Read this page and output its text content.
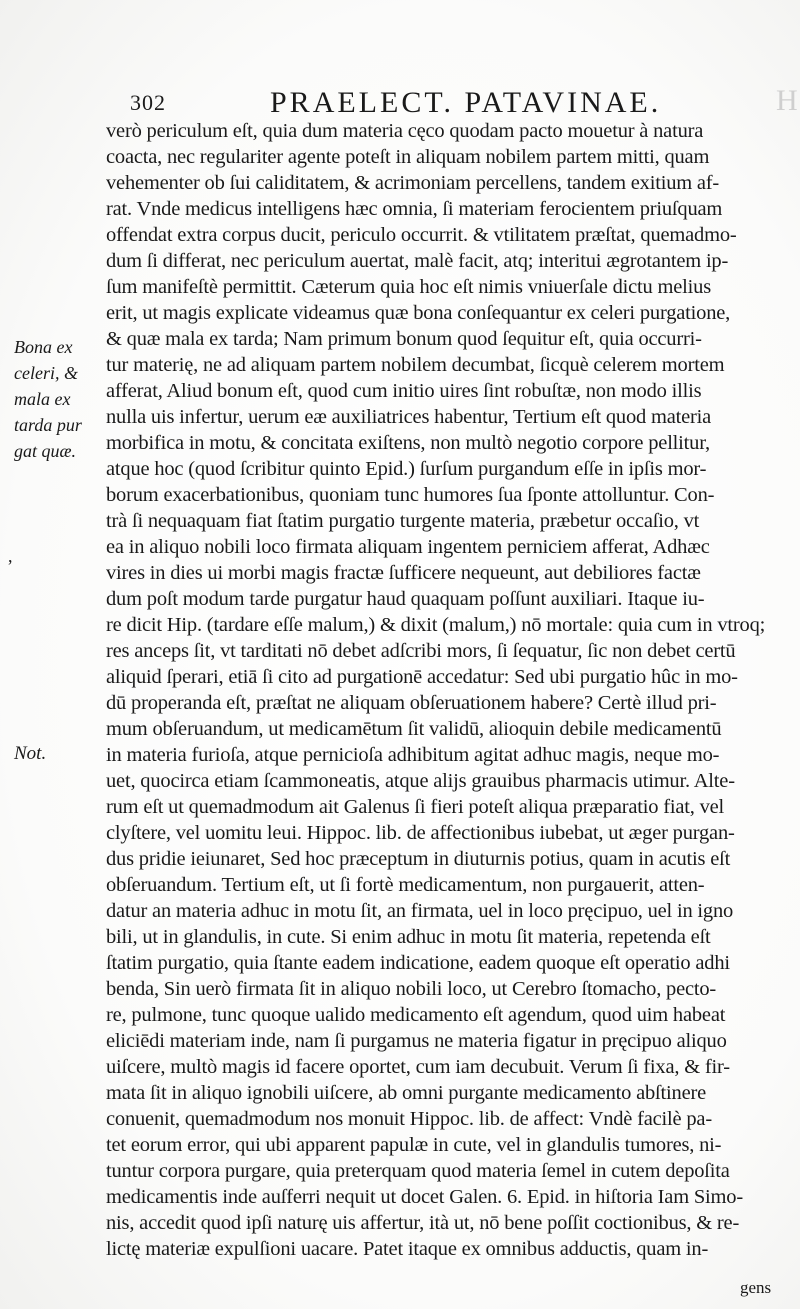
302	PRAELECT. PATAVINAE.	H
verò periculum eſt, quia dum materia cęco quodam pacto mouetur à natura
coacta, nec regulariter agente poteſt in aliquam nobilem partem mitti, quam
vehementer ob ſui caliditatem, & acrimoniam percellens, tandem exitium af-
rat. Vnde medicus intelligens hæc omnia, ſi materiam ferocientem priuſquam
offendat extra corpus ducit, periculo occurrit. & vtilitatem præſtat, quemadmo-
dum ſi differat, nec periculum auertat, malè facit, atq; interitui ægrotantem ip-
ſum manifeſtè permittit. Cæterum quia hoc eſt nimis vniuerſale dictu melius
erit, ut magis explicate videamus quæ bona conſequantur ex celeri purgatione,
& quæ mala ex tarda; Nam primum bonum quod ſequitur eſt, quia occurri-
tur materię, ne ad aliquam partem nobilem decumbat, ſicquè celerem mortem
afferat, Aliud bonum eſt, quod cum initio uires ſint robuſtæ, non modo illis
nulla uis infertur, uerum eæ auxiliatrices habentur, Tertium eſt quod materia
morbifica in motu, & concitata exiſtens, non multò negotio corpore pellitur,
atque hoc (quod ſcribitur quinto Epid.) ſurſum purgandum eſſe in ipſis mor-
borum exacerbationibus, quoniam tunc humores ſua ſponte attolluntur. Con-
trà ſi nequaquam fiat ſtatim purgatio turgente materia, præbetur occaſio, vt
ea in aliquo nobili loco firmata aliquam ingentem perniciem afferat, Adhæc
vires in dies ui morbi magis fractæ ſufficere nequeunt, aut debiliores factæ
dum poſt modum tarde purgatur haud quaquam poſſunt auxiliari. Itaque iu-
re dicit Hip. (tardare eſſe malum,) & dixit (malum,) nō mortale: quia cum in vtroq;
res anceps ſit, vt tarditati nō debet adſcribi mors, ſi ſequatur, ſic non debet certū
aliquid ſperari, etiā ſi cito ad purgationē accedatur: Sed ubi purgatio hûc in mo-
dū properanda eſt, præſtat ne aliquam obſeruationem habere? Certè illud pri-
mum obſeruandum, ut medicamētum ſit validū, alioquin debile medicamentū
in materia furioſa, atque pernicioſa adhibitum agitat adhuc magis, neque mo-
uet, quocirca etiam ſcammoneatis, atque alijs grauibus pharmacis utimur. Alte-
rum eſt ut quemadmodum ait Galenus ſi fieri poteſt aliqua præparatio fiat, vel
clyſtere, vel uomitu leui. Hippoc. lib. de affectionibus iubebat, ut æger purgan-
dus pridie ieiunaret, Sed hoc præceptum in diuturnis potius, quam in acutis eſt
obſeruandum. Tertium eſt, ut ſi fortè medicamentum, non purgauerit, atten-
datur an materia adhuc in motu ſit, an firmata, uel in loco pręcipuo, uel in igno
bili, ut in glandulis, in cute. Si enim adhuc in motu ſit materia, repetenda eſt
ſtatim purgatio, quia ſtante eadem indicatione, eadem quoque eſt operatio adhi
benda, Sin uerò firmata ſit in aliquo nobili loco, ut Cerebro ſtomacho, pecto-
re, pulmone, tunc quoque ualido medicamento eſt agendum, quod uim habeat
eliciēdi materiam inde, nam ſi purgamus ne materia figatur in pręcipuo aliquo
uiſcere, multò magis id facere oportet, cum iam decubuit. Verum ſi fixa, & fir-
mata ſit in aliquo ignobili uiſcere, ab omni purgante medicamento abſtinere
conuenit, quemadmodum nos monuit Hippoc. lib. de affect: Vndè facilè pa-
tet eorum error, qui ubi apparent papulæ in cute, vel in glandulis tumores, ni-
tuntur corpora purgare, quia preterquam quod materia ſemel in cutem depoſita
medicamentis inde auſferri nequit ut docet Galen. 6. Epid. in hiſtoria Iam Simo-
nis, accedit quod ipſi naturę uis affertur, ità ut, nō bene poſſit coctionibus, & re-
lictę materiæ expulſioni uacare. Patet itaque ex omnibus adductis, quam in-
Bona ex
celeri, &
mala ex
tarda pur
gat quæ.
,
Not.

gens
